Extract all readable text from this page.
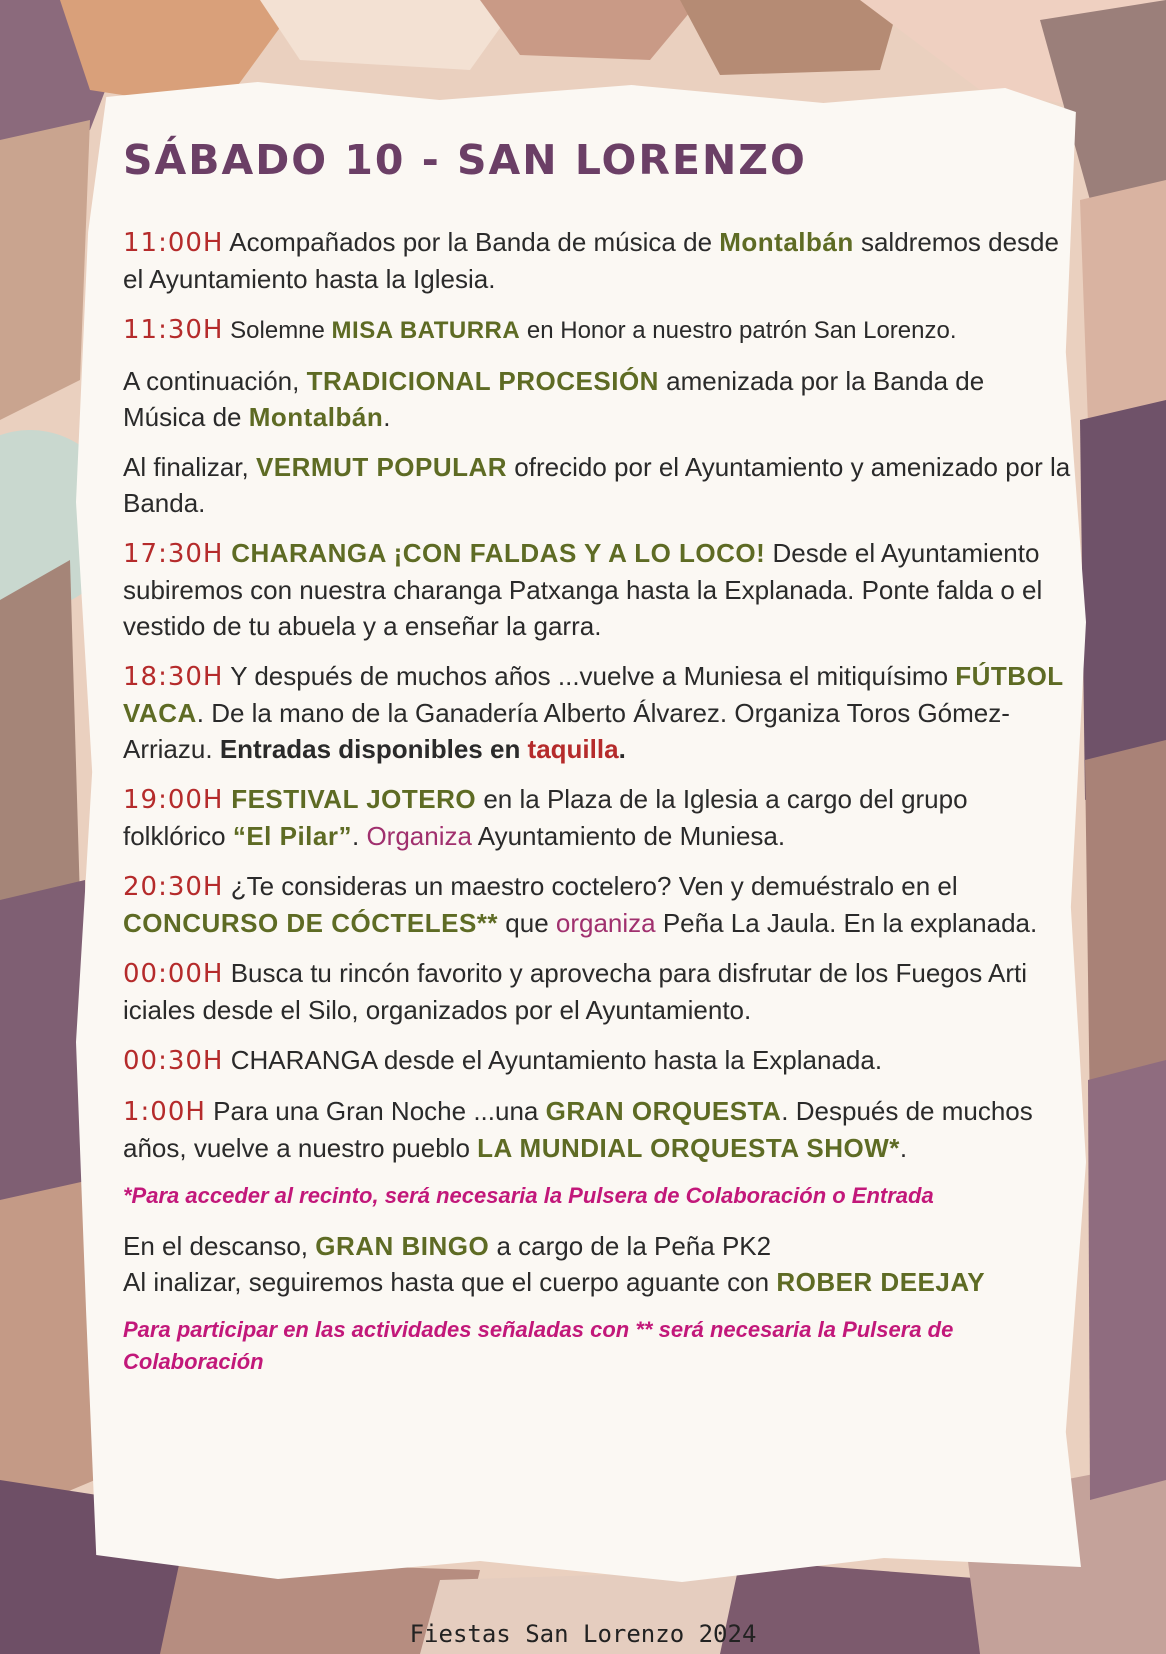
SÁBADO 10 - SAN LORENZO

11:00H Acompañados por la Banda de música de Montalbán saldremos desde el Ayuntamiento hasta la Iglesia.

11:30H Solemne MISA BATURRA en Honor a nuestro patrón San Lorenzo.

A continuación, TRADICIONAL PROCESIÓN amenizada por la Banda de Música de Montalbán.

Al finalizar, VERMUT POPULAR ofrecido por el Ayuntamiento y amenizado por la Banda.

17:30H CHARANGA ¡CON FALDAS Y A LO LOCO! Desde el Ayuntamiento subiremos con nuestra charanga Patxanga hasta la Explanada. Ponte falda o el vestido de tu abuela y a enseñar la garra.

18:30H Y después de muchos años ...vuelve a Muniesa el mitiquísimo FÚTBOL VACA. De la mano de la Ganadería Alberto Álvarez. Organiza Toros Gómez-Arriazu. Entradas disponibles en taquilla.

19:00H FESTIVAL JOTERO en la Plaza de la Iglesia a cargo del grupo folklórico “El Pilar”. Organiza Ayuntamiento de Muniesa.

20:30H ¿Te consideras un maestro coctelero? Ven y demuéstralo en el CONCURSO DE CÓCTELES** que organiza Peña La Jaula. En la explanada.

00:00H Busca tu rincón favorito y aprovecha para disfrutar de los Fuegos Arti iciales desde el Silo, organizados por el Ayuntamiento.

00:30H CHARANGA desde el Ayuntamiento hasta la Explanada.

1:00H Para una Gran Noche ...una GRAN ORQUESTA. Después de muchos años, vuelve a nuestro pueblo LA MUNDIAL ORQUESTA SHOW*.

*Para acceder al recinto, será necesaria la Pulsera de Colaboración o Entrada

En el descanso, GRAN BINGO a cargo de la Peña PK2
Al inalizar, seguiremos hasta que el cuerpo aguante con ROBER DEEJAY

Para participar en las actividades señaladas con ** será necesaria la Pulsera de Colaboración

Fiestas San Lorenzo 2024
